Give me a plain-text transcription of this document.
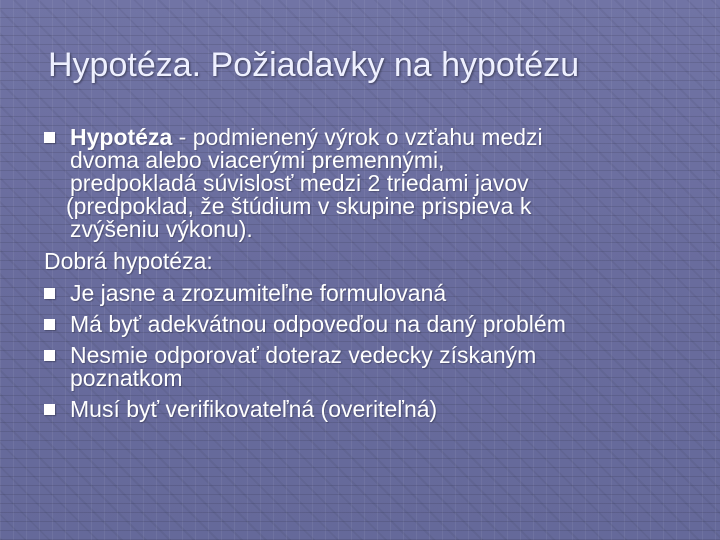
Hypotéza. Požiadavky na hypotézu
Hypotéza - podmienený výrok o vzťahu medzi
dvoma alebo viacerými premennými,
predpokladá súvislosť medzi 2 triedami javov
(predpoklad, že štúdium v skupine prispieva k
zvýšeniu výkonu).
Dobrá hypotéza:
Je jasne a zrozumiteľne formulovaná
Má byť adekvátnou odpoveďou na daný problém
Nesmie odporovať doteraz vedecky získaným
poznatkom
Musí byť verifikovateľná (overiteľná)
